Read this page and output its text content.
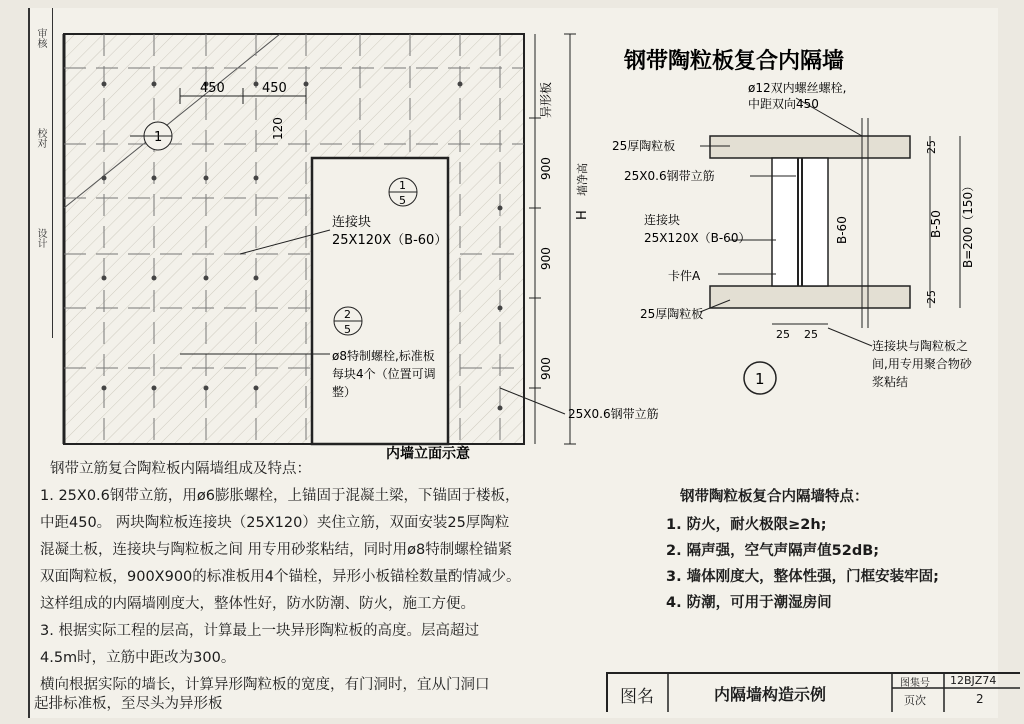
审核
校对
设计
450	450
120
异形板
900
900
900
H
墙净高
1
1
5
2
5
连接块
25X120X（B-60）
ø8特制螺栓,标准板
每块4个（位置可调
整）
25X0.6钢带立筋
内墙立面示意
钢带陶粒板复合内隔墙
25
25
B-50 B=200（150）
B-60
25 25
ø12双内螺丝螺栓,
中距双向450
25厚陶粒板
25X0.6钢带立筋
连接块
25X120X（B-60）
卡件A
25厚陶粒板
连接块与陶粒板之
间,用专用聚合物砂
浆粘结
1
钢带立筋复合陶粒板内隔墙组成及特点：
1. 25X0.6钢带立筋，用ø6膨胀螺栓，上锚固于混凝土梁，下锚固于楼板，
中距450。 两块陶粒板连接块（25X120）夹住立筋，双面安装25厚陶粒
混凝土板，连接块与陶粒板之间 用专用砂浆粘结，同时用ø8特制螺栓锚紧
双面陶粒板，900X900的标准板用4个锚栓，异形小板锚栓数量酌情减少。
这样组成的内隔墙刚度大，整体性好，防水防潮、防火，施工方便。
3. 根据实际工程的层高，计算最上一块异形陶粒板的高度。层高超过
4.5m时，立筋中距改为300。
横向根据实际的墙长，计算异形陶粒板的宽度，有门洞时，宜从门洞口
起排标准板，至尽头为异形板
钢带陶粒板复合内隔墙特点：
1. 防火，耐火极限≥2h;
2. 隔声强，空气声隔声值52dB;
3. 墙体刚度大，整体性强，门框安装牢固;
4. 防潮，可用于潮湿房间
图名	内隔墙构造示例
图集号 12BJZ74
页次	2
